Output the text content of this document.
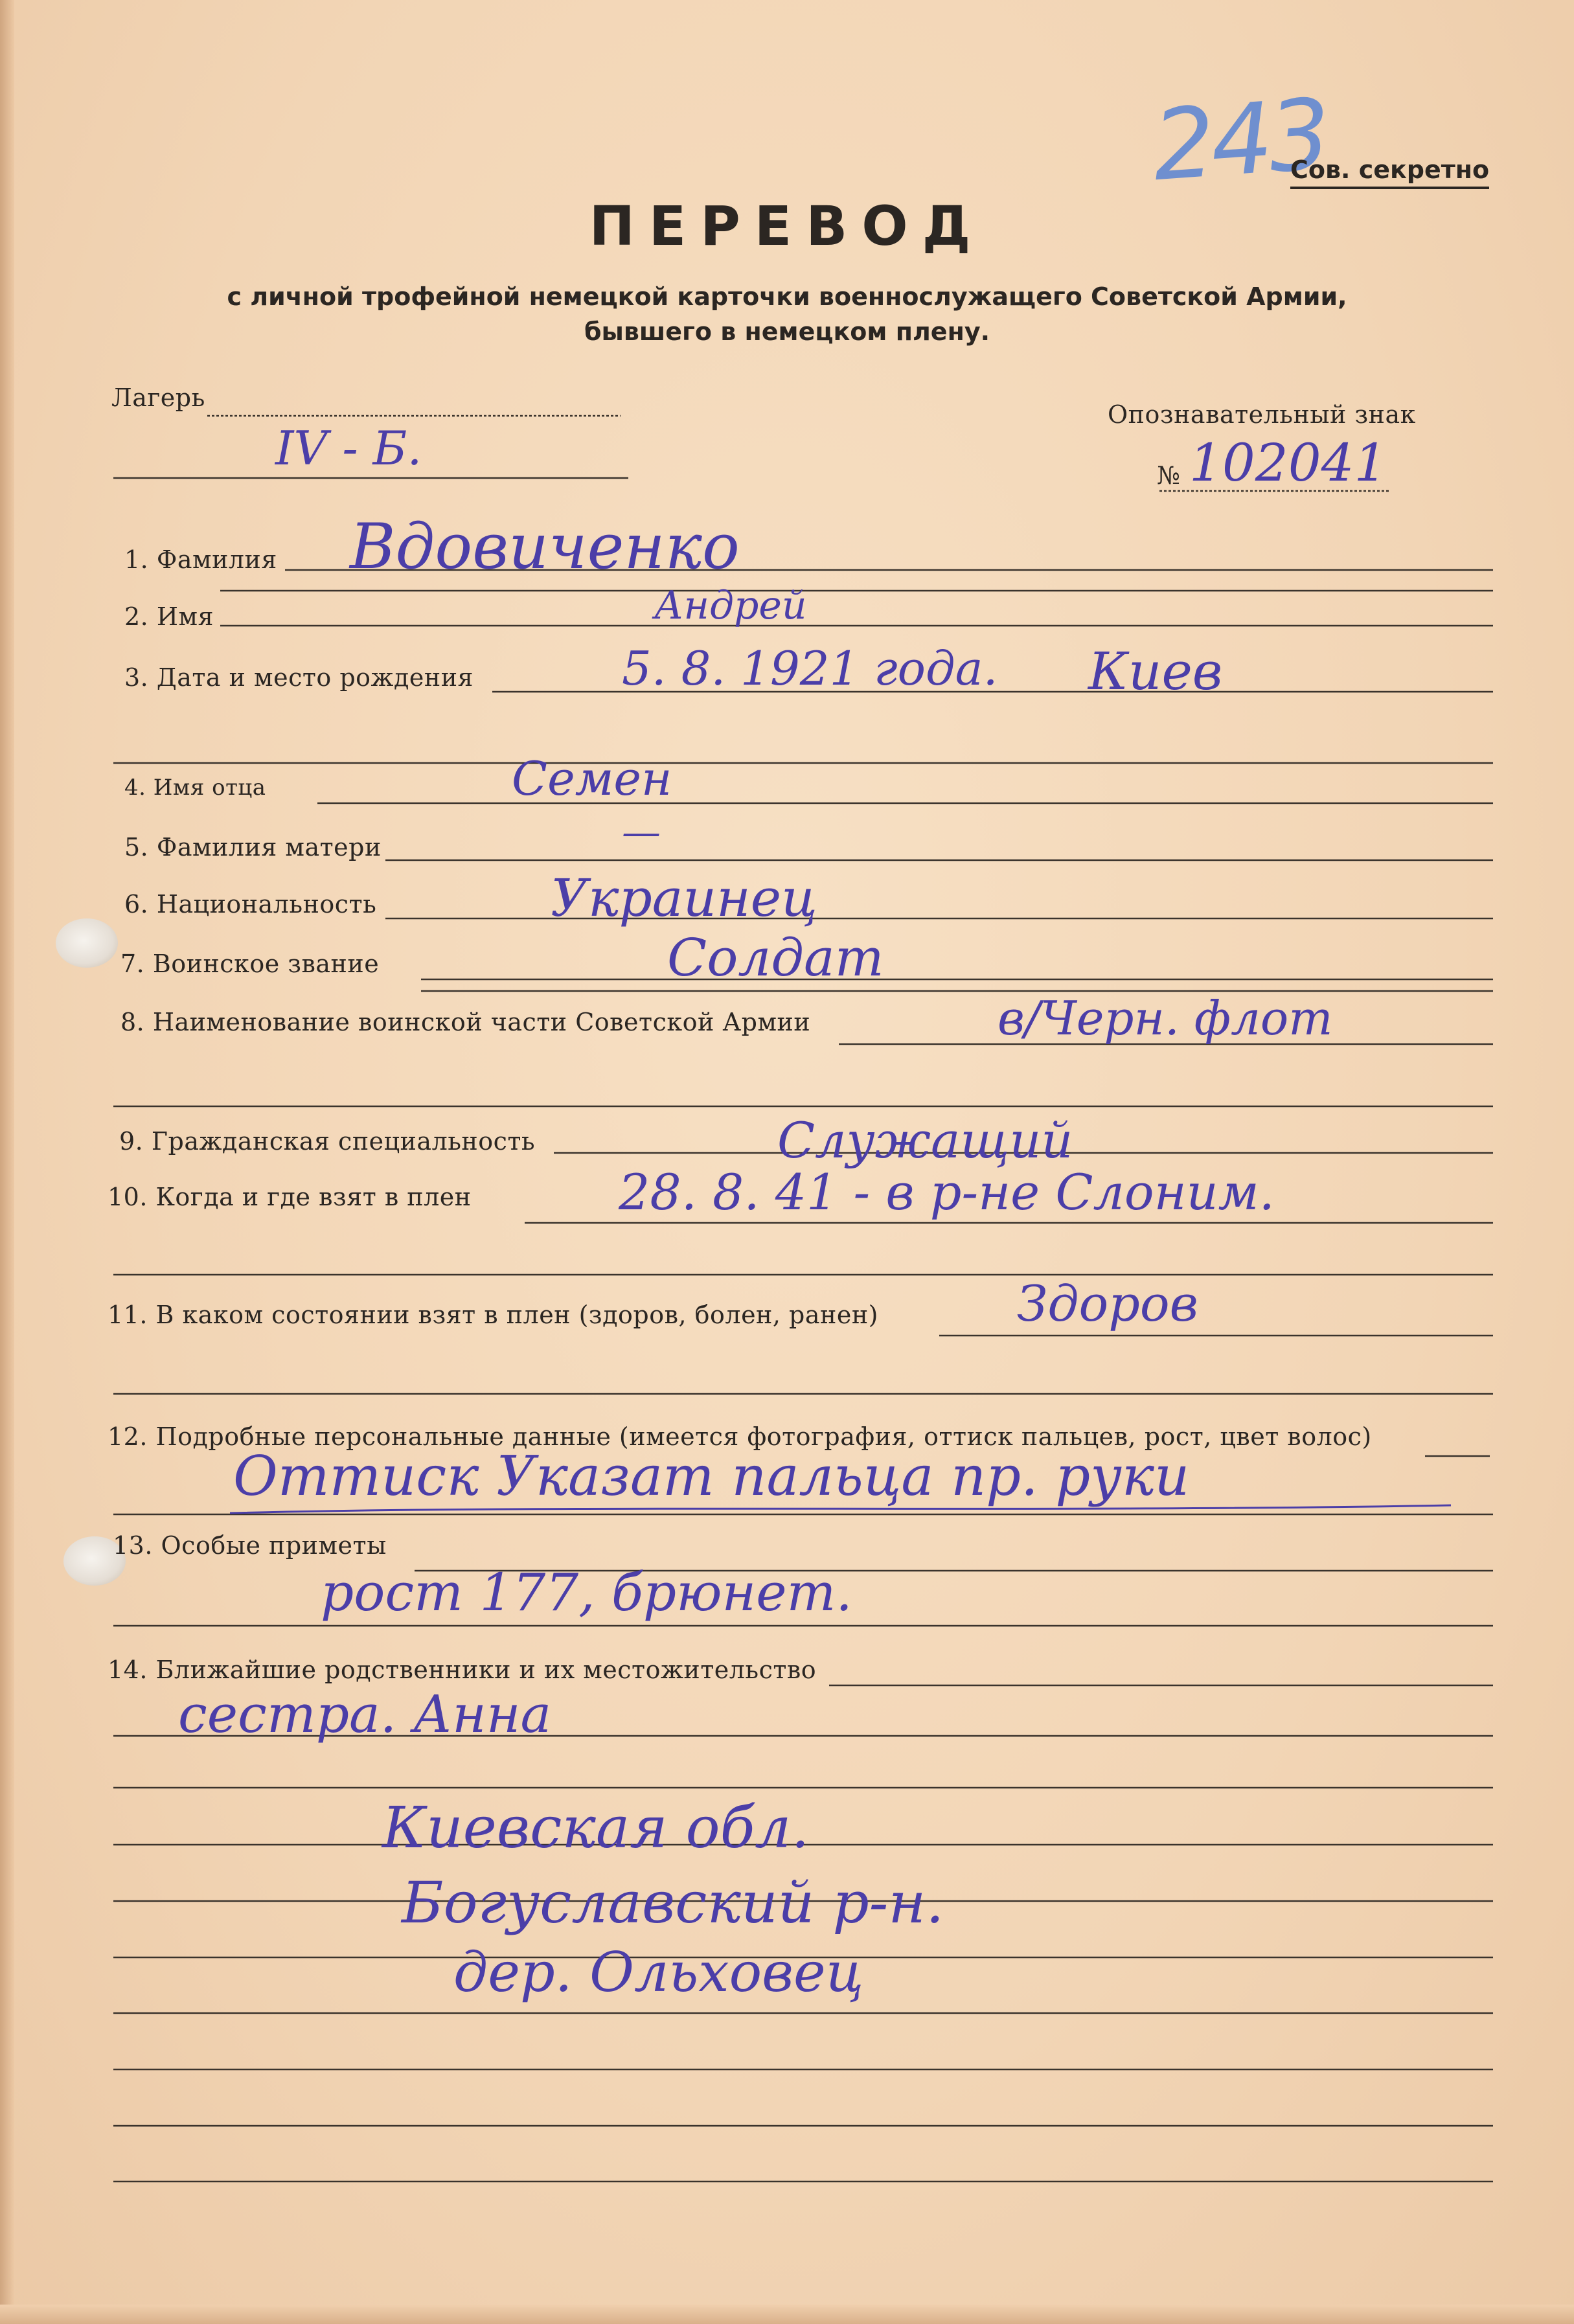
243
Сов. секретно
ПЕРЕВОД
с личной трофейной немецкой карточки военнослужащего Советской Армии,
бывшего в немецком плену.
Лагерь
IV - Б.
Опознавательный знак
№ 102041
1. Фамилия
2. Имя
3. Дата и место рождения
4. Имя отца
5. Фамилия матери
6. Национальность
7. Воинское звание
8. Наименование воинской части Советской Армии
9. Гражданская специальность
10. Когда и где взят в плен
11. В каком состоянии взят в плен (здоров, болен, ранен)
12. Подробные персональные данные (имеется фотография, оттиск пальцев, рост, цвет волос)
13. Особые приметы
14. Ближайшие родственники и их местожительство
Вдовиченко
Андрей
5. 8. 1921 года. Киев
Семен
—
Украинец
Солдат
в/Черн. флот
Служащий
28. 8. 41 - в р-не Слоним.
Здоров
Оттиск Указат пальца пр. руки
рост 177, брюнет.
сестра. Анна
Киевская обл.
Богуславский р-н.
дер. Ольховец
